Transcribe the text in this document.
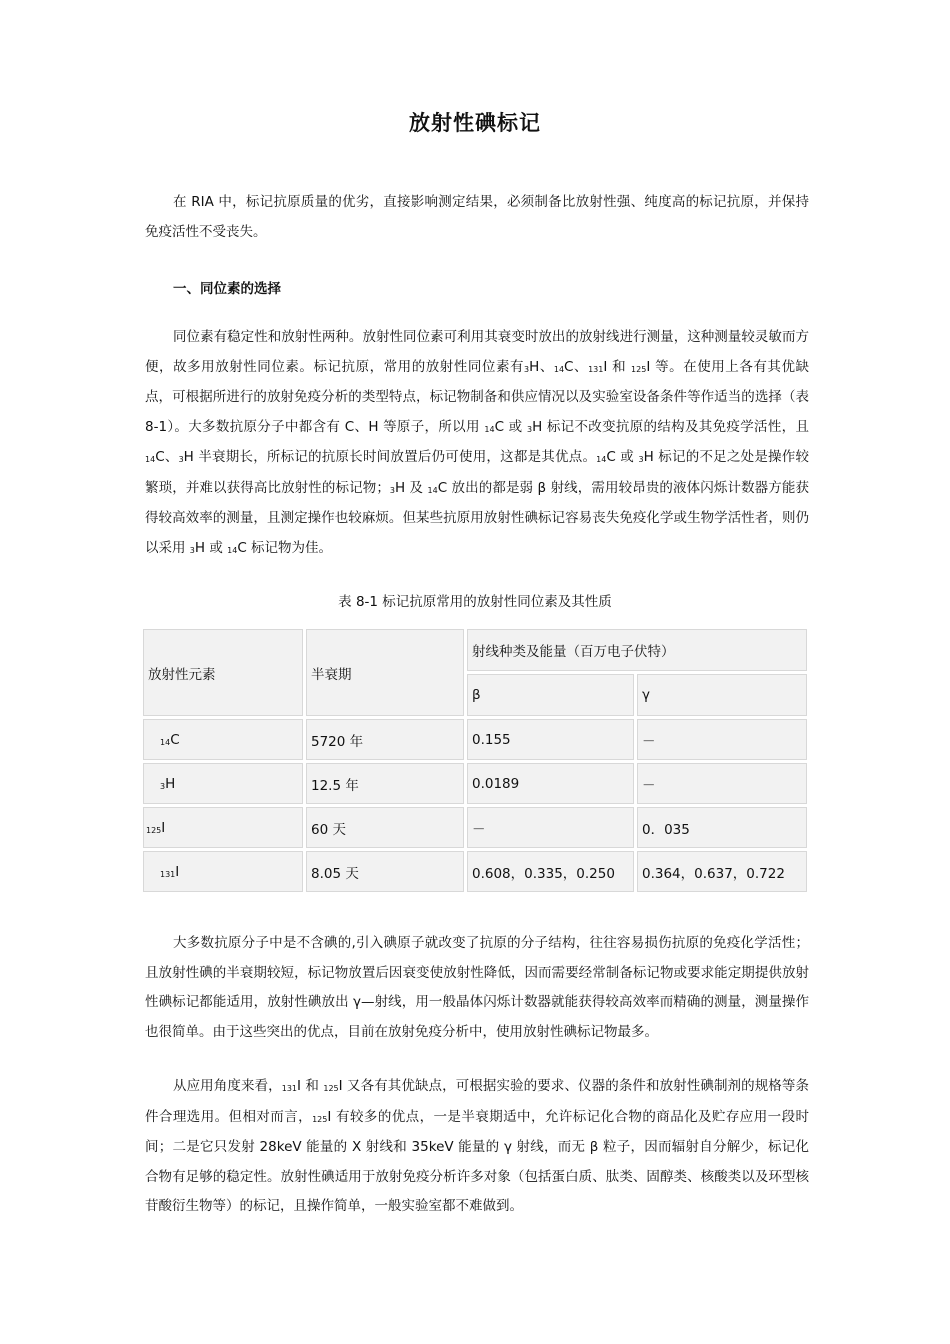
放射性碘标记

在 RIA 中，标记抗原质量的优劣，直接影响测定结果，必须制备比放射性强、纯度高的标记抗原，并保持免疫活性不受丧失。

一、同位素的选择

同位素有稳定性和放射性两种。放射性同位素可利用其衰变时放出的放射线进行测量，这种测量较灵敏而方便，故多用放射性同位素。标记抗原，常用的放射性同位素有$_3$H、$_{14}$C、$_{131}$I 和 $_{125}$I 等。在使用上各有其优缺点，可根据所进行的放射免疫分析的类型特点，标记物制备和供应情况以及实验室设备条件等作适当的选择（表 8-1）。大多数抗原分子中都含有 C、H 等原子，所以用 $_{14}$C 或 $_3$H 标记不改变抗原的结构及其免疫学活性，且 $_{14}$C、$_3$H 半衰期长，所标记的抗原长时间放置后仍可使用，这都是其优点。$_{14}$C 或 $_3$H 标记的不足之处是操作较繁琐，并难以获得高比放射性的标记物；$_3$H 及 $_{14}$C 放出的都是弱 β 射线，需用较昂贵的液体闪烁计数器方能获得较高效率的测量，且测定操作也较麻烦。但某些抗原用放射性碘标记容易丧失免疫化学或生物学活性者，则仍以采用 $_3$H 或 $_{14}$C 标记物为佳。

表 8-1 标记抗原常用的放射性同位素及其性质
放射性元素	半衰期	射线种类及能量（百万电子伏特）	
		β	γ
$_{14}$C	5720 年	0.155	－
$_3$H	12.5 年	0.0189	－
$_{125}$I	60 天	－	0．035
$_{131}$I	8.05 天	0.608，0.335，0.250	0.364，0.637，0.722

大多数抗原分子中是不含碘的,引入碘原子就改变了抗原的分子结构，往往容易损伤抗原的免疫化学活性；且放射性碘的半衰期较短，标记物放置后因衰变使放射性降低，因而需要经常制备标记物或要求能定期提供放射性碘标记都能适用，放射性碘放出 γ—射线，用一般晶体闪烁计数器就能获得较高效率而精确的测量，测量操作也很简单。由于这些突出的优点，目前在放射免疫分析中，使用放射性碘标记物最多。

从应用角度来看，$_{131}$I 和 $_{125}$I 又各有其优缺点，可根据实验的要求、仪器的条件和放射性碘制剂的规格等条件合理选用。但相对而言，$_{125}$I 有较多的优点，一是半衰期适中，允许标记化合物的商品化及贮存应用一段时间；二是它只发射 28keV 能量的 X 射线和 35keV 能量的 γ 射线，而无 β 粒子，因而辐射自分解少，标记化合物有足够的稳定性。放射性碘适用于放射免疫分析许多对象（包括蛋白质、肽类、固醇类、核酸类以及环型核苷酸衍生物等）的标记，且操作简单，一般实验室都不难做到。
